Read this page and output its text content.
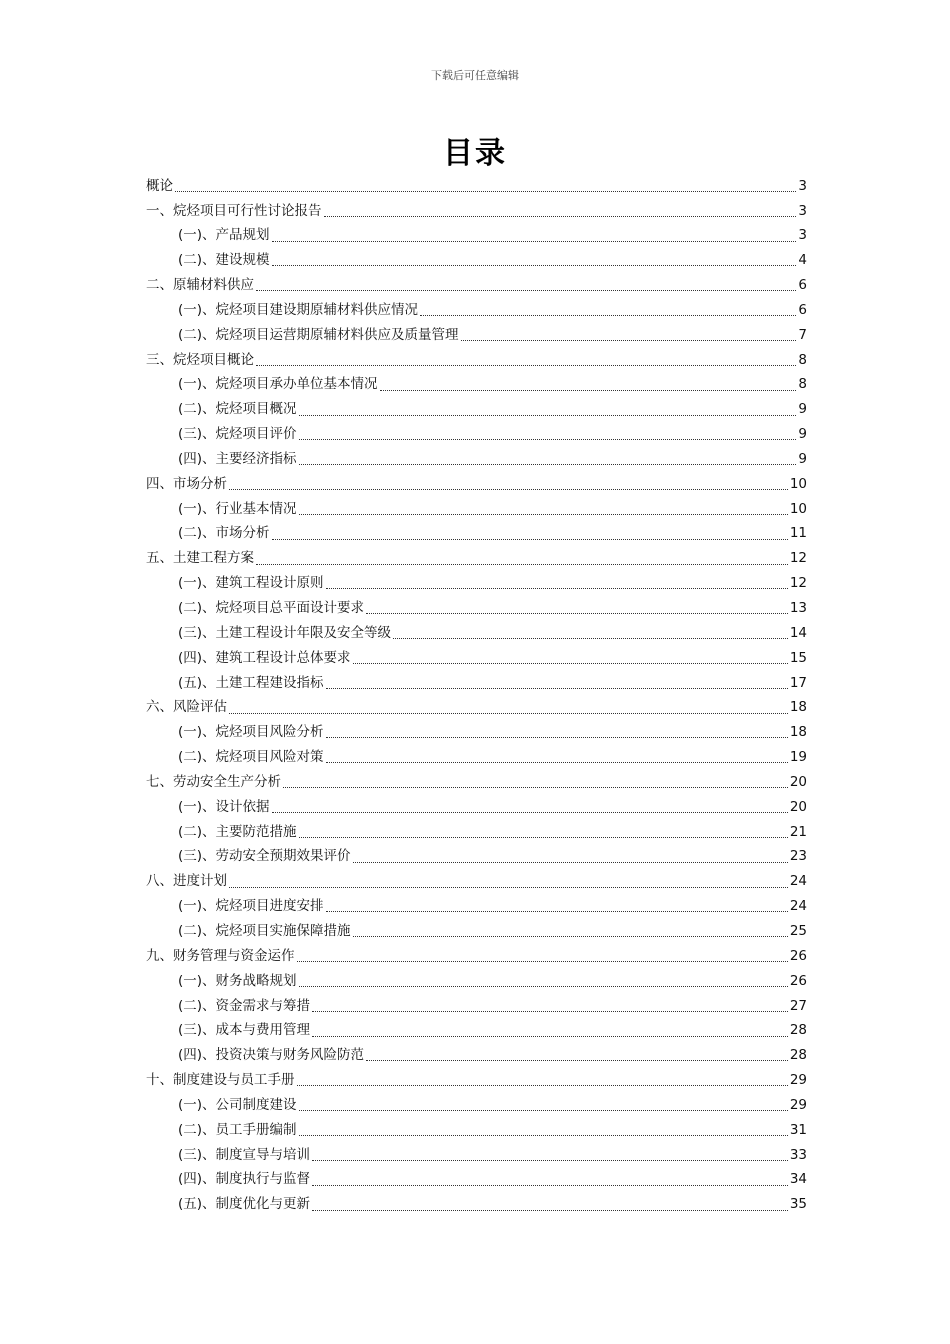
下载后可任意编辑
目录
概论	3
一、烷烃项目可行性讨论报告	3
(一)、产品规划	3
(二)、建设规模	4
二、原辅材料供应	6
(一)、烷烃项目建设期原辅材料供应情况	6
(二)、烷烃项目运营期原辅材料供应及质量管理	7
三、烷烃项目概论	8
(一)、烷烃项目承办单位基本情况	8
(二)、烷烃项目概况	9
(三)、烷烃项目评价	9
(四)、主要经济指标	9
四、市场分析	10
(一)、行业基本情况	10
(二)、市场分析	11
五、土建工程方案	12
(一)、建筑工程设计原则	12
(二)、烷烃项目总平面设计要求	13
(三)、土建工程设计年限及安全等级	14
(四)、建筑工程设计总体要求	15
(五)、土建工程建设指标	17
六、风险评估	18
(一)、烷烃项目风险分析	18
(二)、烷烃项目风险对策	19
七、劳动安全生产分析	20
(一)、设计依据	20
(二)、主要防范措施	21
(三)、劳动安全预期效果评价	23
八、进度计划	24
(一)、烷烃项目进度安排	24
(二)、烷烃项目实施保障措施	25
九、财务管理与资金运作	26
(一)、财务战略规划	26
(二)、资金需求与筹措	27
(三)、成本与费用管理	28
(四)、投资决策与财务风险防范	28
十、制度建设与员工手册	29
(一)、公司制度建设	29
(二)、员工手册编制	31
(三)、制度宣导与培训	33
(四)、制度执行与监督	34
(五)、制度优化与更新	35
